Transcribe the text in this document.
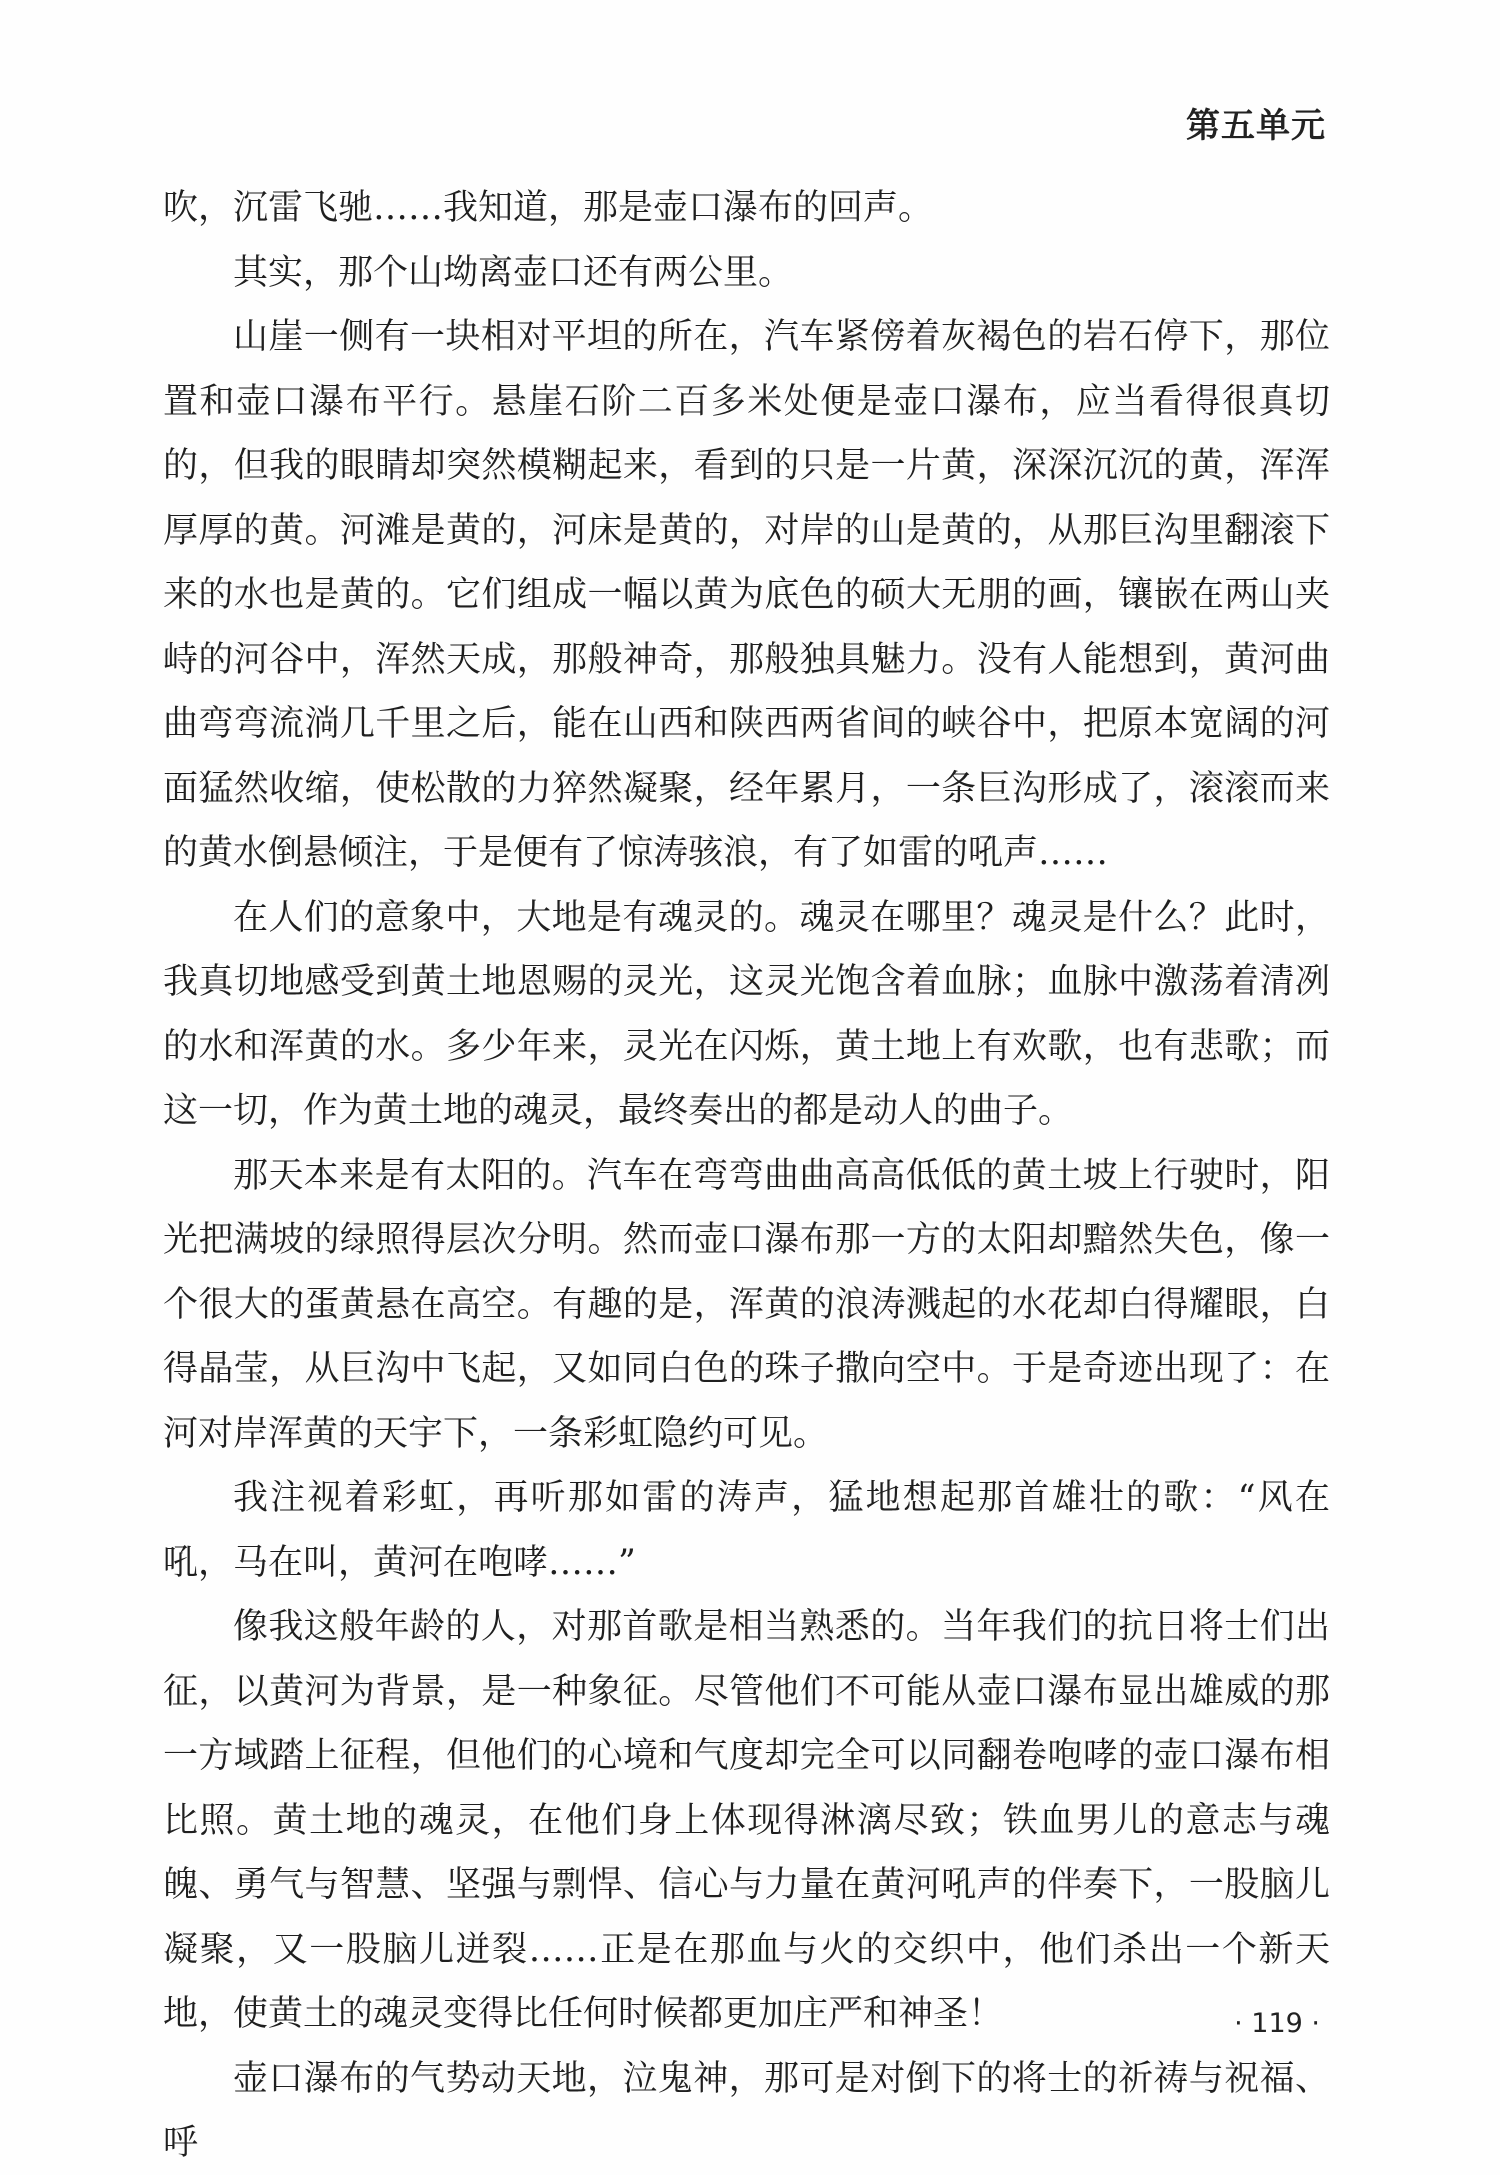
第五单元

吹，沉雷飞驰……我知道，那是壶口瀑布的回声。

其实，那个山坳离壶口还有两公里。

山崖一侧有一块相对平坦的所在，汽车紧傍着灰褐色的岩石停下，那位置和壶口瀑布平行。悬崖石阶二百多米处便是壶口瀑布，应当看得很真切的，但我的眼睛却突然模糊起来，看到的只是一片黄，深深沉沉的黄，浑浑厚厚的黄。河滩是黄的，河床是黄的，对岸的山是黄的，从那巨沟里翻滚下来的水也是黄的。它们组成一幅以黄为底色的硕大无朋的画，镶嵌在两山夹峙的河谷中，浑然天成，那般神奇，那般独具魅力。没有人能想到，黄河曲曲弯弯流淌几千里之后，能在山西和陕西两省间的峡谷中，把原本宽阔的河面猛然收缩，使松散的力猝然凝聚，经年累月，一条巨沟形成了，滚滚而来的黄水倒悬倾注，于是便有了惊涛骇浪，有了如雷的吼声……

在人们的意象中，大地是有魂灵的。魂灵在哪里？魂灵是什么？此时，我真切地感受到黄土地恩赐的灵光，这灵光饱含着血脉；血脉中激荡着清冽的水和浑黄的水。多少年来，灵光在闪烁，黄土地上有欢歌，也有悲歌；而这一切，作为黄土地的魂灵，最终奏出的都是动人的曲子。

那天本来是有太阳的。汽车在弯弯曲曲高高低低的黄土坡上行驶时，阳光把满坡的绿照得层次分明。然而壶口瀑布那一方的太阳却黯然失色，像一个很大的蛋黄悬在高空。有趣的是，浑黄的浪涛溅起的水花却白得耀眼，白得晶莹，从巨沟中飞起，又如同白色的珠子撒向空中。于是奇迹出现了：在河对岸浑黄的天宇下，一条彩虹隐约可见。

我注视着彩虹，再听那如雷的涛声，猛地想起那首雄壮的歌：“风在吼，马在叫，黄河在咆哮……”

像我这般年龄的人，对那首歌是相当熟悉的。当年我们的抗日将士们出征，以黄河为背景，是一种象征。尽管他们不可能从壶口瀑布显出雄威的那一方域踏上征程，但他们的心境和气度却完全可以同翻卷咆哮的壶口瀑布相比照。黄土地的魂灵，在他们身上体现得淋漓尽致；铁血男儿的意志与魂魄、勇气与智慧、坚强与剽悍、信心与力量在黄河吼声的伴奏下，一股脑儿凝聚，又一股脑儿迸裂……正是在那血与火的交织中，他们杀出一个新天地，使黄土的魂灵变得比任何时候都更加庄严和神圣！

壶口瀑布的气势动天地，泣鬼神，那可是对倒下的将士的祈祷与祝福、呼

· 119 ·
